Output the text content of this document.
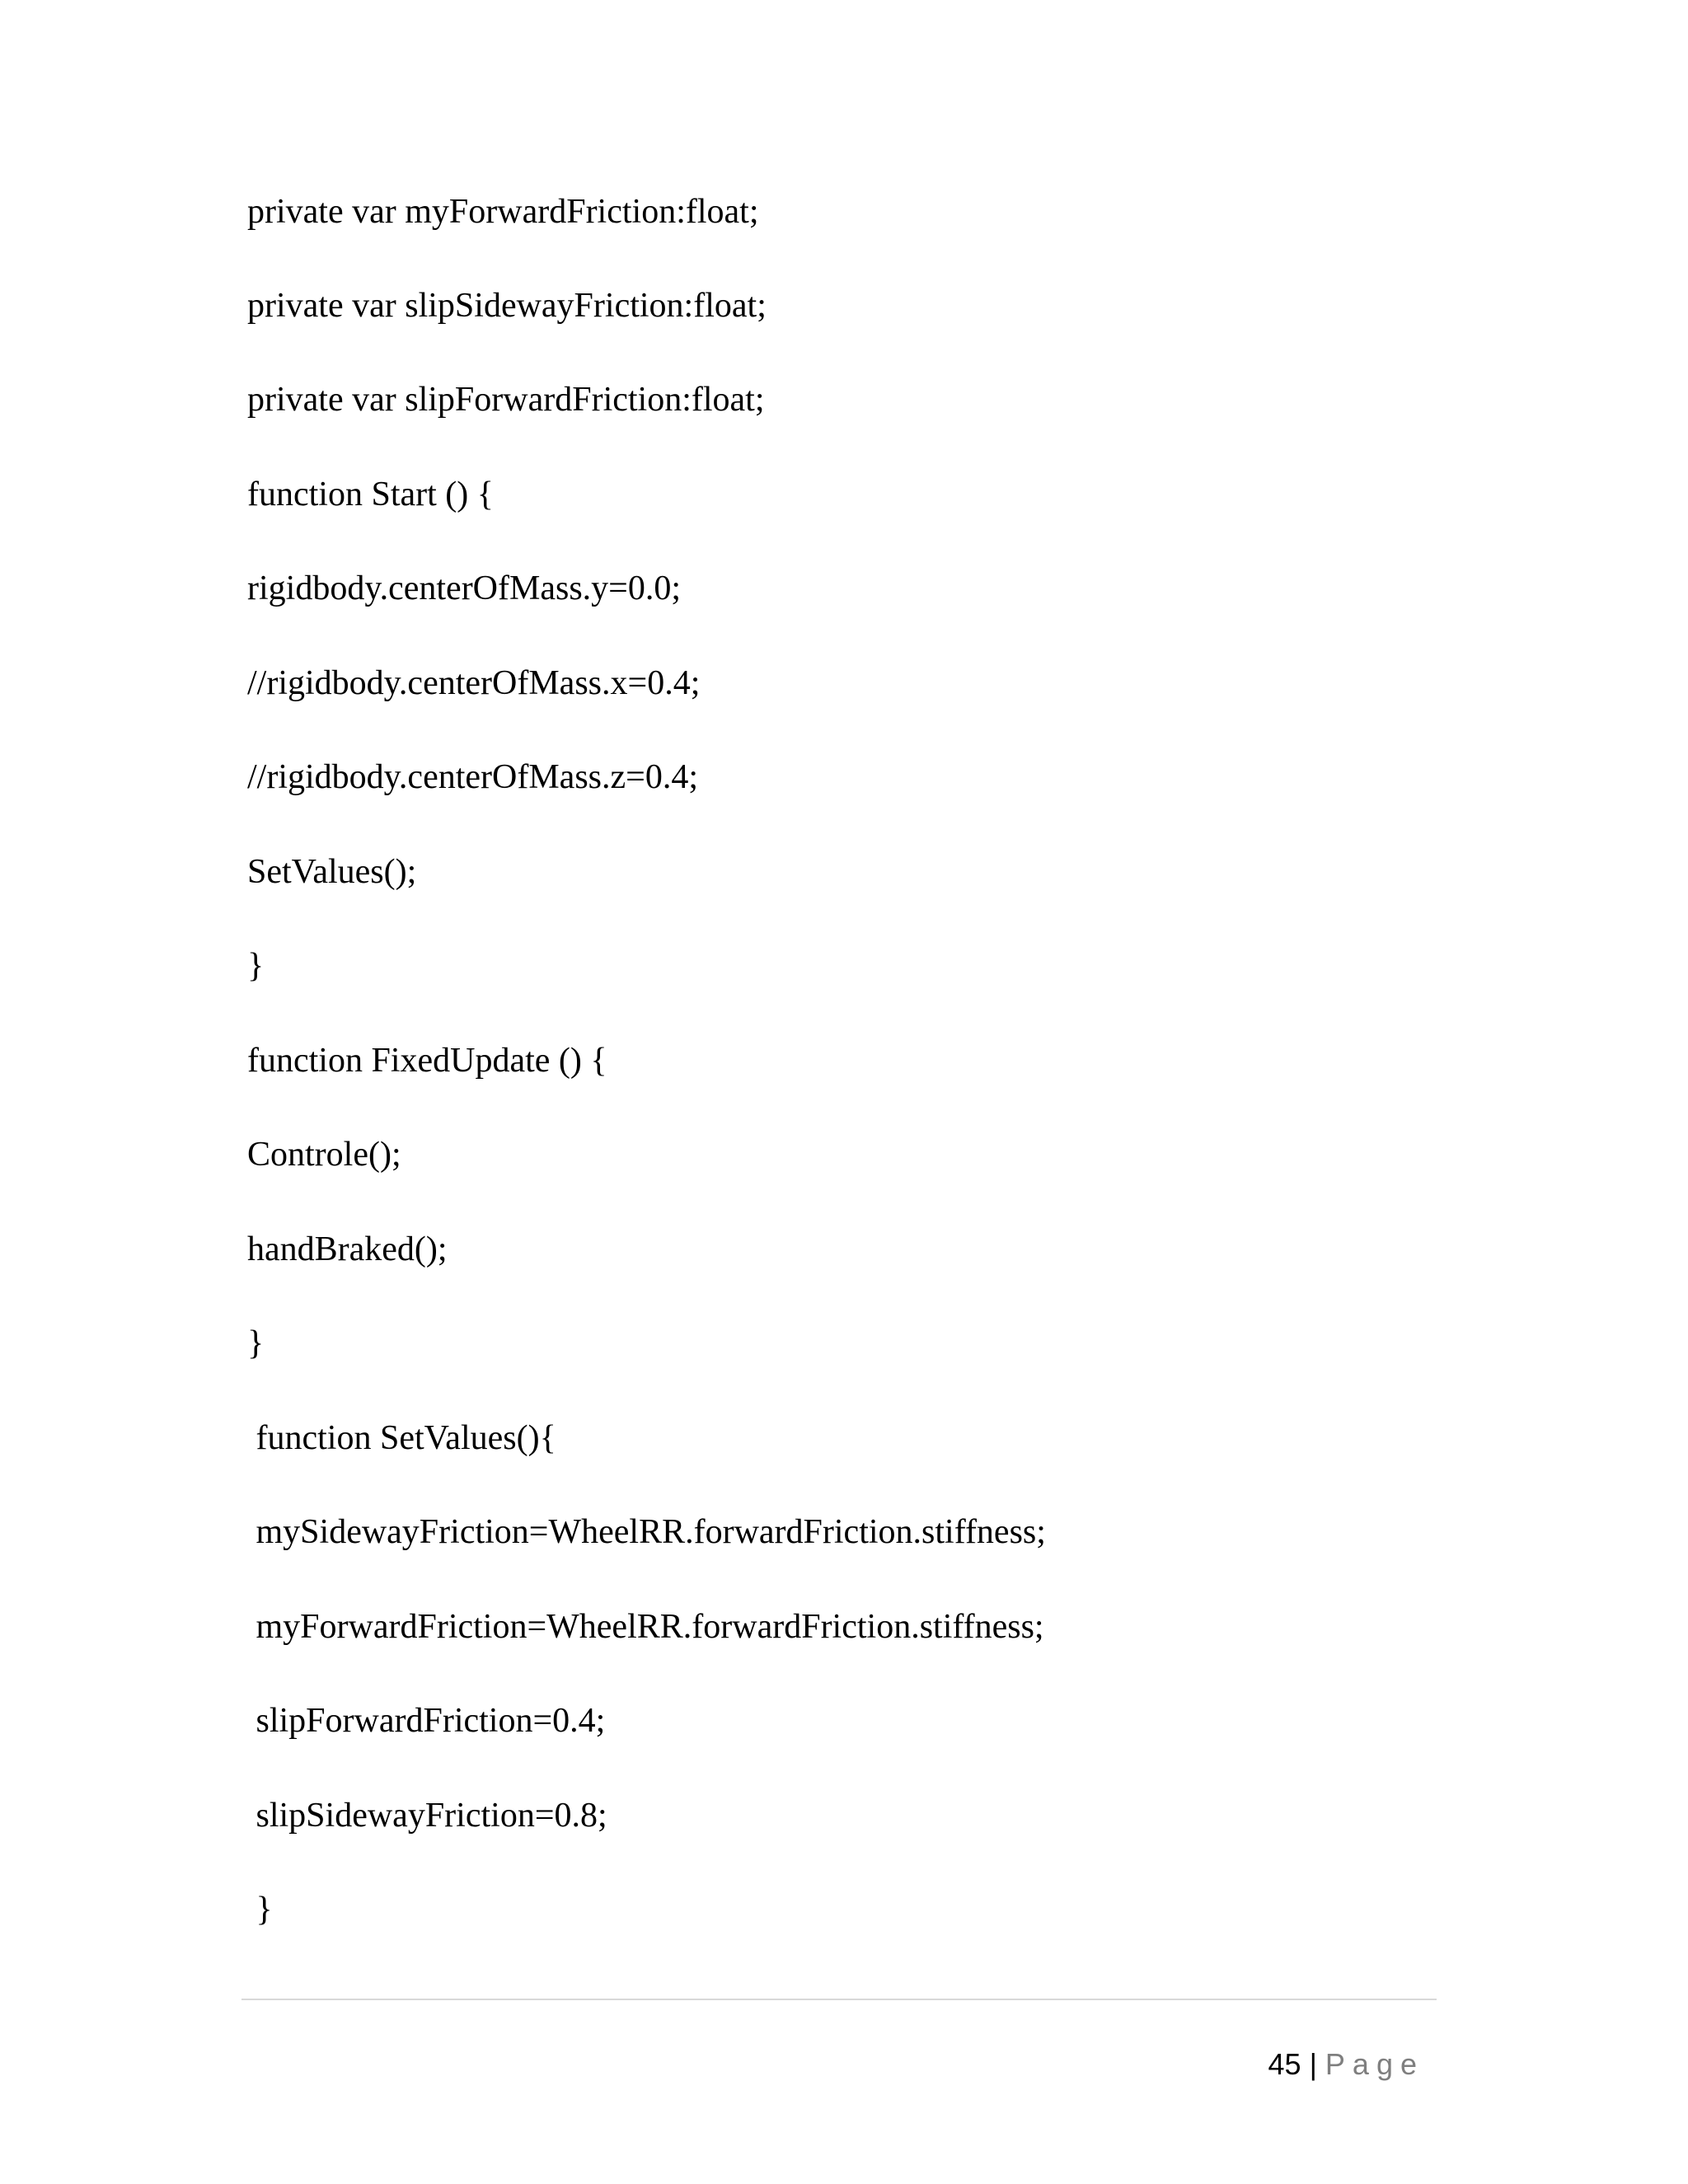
private var myForwardFriction:float;
private var slipSidewayFriction:float;
private var slipForwardFriction:float;
function Start () {
rigidbody.centerOfMass.y=0.0;
//rigidbody.centerOfMass.x=0.4;
//rigidbody.centerOfMass.z=0.4;
SetValues();
}
function FixedUpdate () {
Controle();
handBraked();
}
function SetValues(){
mySidewayFriction=WheelRR.forwardFriction.stiffness;
myForwardFriction=WheelRR.forwardFriction.stiffness;
slipForwardFriction=0.4;
slipSidewayFriction=0.8;
}

45 | Page
